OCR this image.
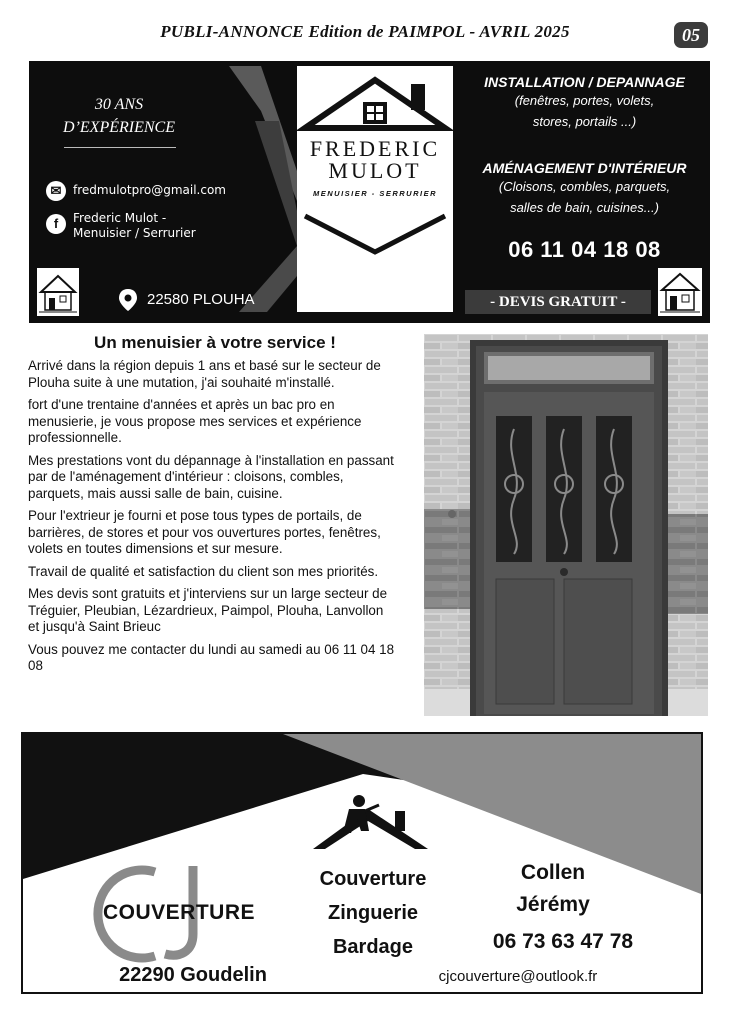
PUBLI-ANNONCE Edition de PAIMPOL - AVRIL 2025	05
30 ANS
D’EXPÉRIENCE
✉ fredmulotpro@gmail.com
f	Frederic Mulot -
Menuisier / Serrurier
22580 PLOUHA
FREDERIC
MULOT
MENUISIER - SERRURIER
INSTALLATION / DEPANNAGE
(fenêtres, portes, volets,
stores, portails ...)
AMÉNAGEMENT D'INTÉRIEUR
(Cloisons, combles, parquets,
salles de bain, cuisines...)
06 11 04 18 08
- DEVIS GRATUIT -
Un menuisier à votre service !

Arrivé dans la région depuis 1 ans et basé sur le secteur de Plouha suite à une mutation, j'ai souhaité m'installé.

fort d'une trentaine d'années et après un bac pro en menusierie, je vous propose mes services et expérience professionnelle.

Mes prestations vont du dépannage à l'installation en passant par de l'aménagement d'intérieur : cloisons, combles, parquets, mais aussi salle de bain, cuisine.

Pour l'extrieur je fourni et pose tous types de portails, de barrières, de stores et pour vos ouvertures portes, fenêtres, volets en toutes dimensions et sur mesure.

Travail de qualité et satisfaction du client son mes priorités.

Mes devis sont gratuits et j'interviens sur un large secteur de Tréguier, Pleubian, Lézardrieux, Paimpol, Plouha, Lanvollon et jusqu'à Saint Brieuc

Vous pouvez me contacter du lundi au samedi au 06 11 04 18 08

COUVERTURE
Couverture
Zinguerie
Bardage
Collen
Jérémy
06 73 63 47 78
22290 Goudelin	cjcouverture@outlook.fr
